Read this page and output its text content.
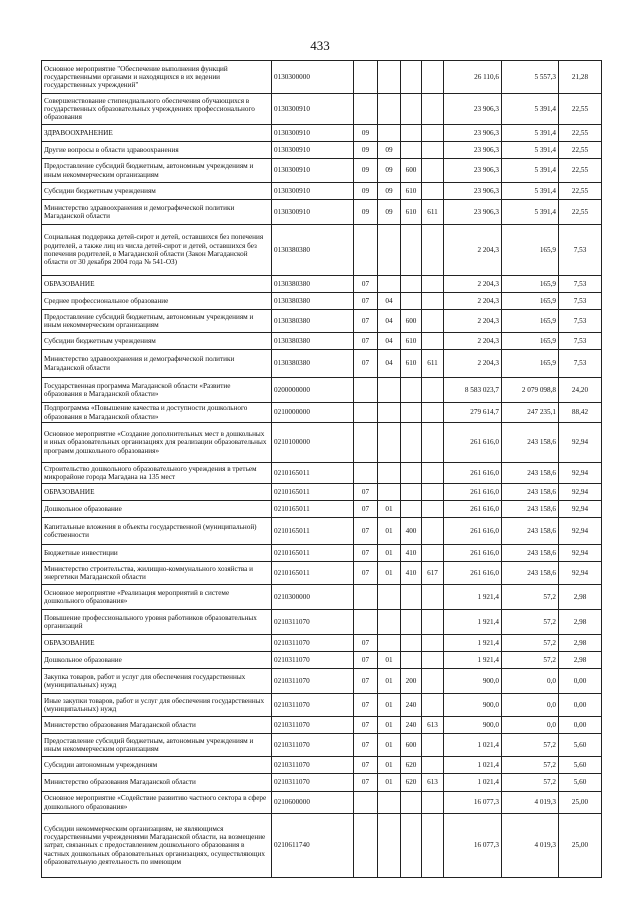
433
Основное мероприятие "Обеспечение выполнения функций государственными органами и находящихся в их ведении государственных учреждений"	0130300000					26 110,6	5 557,3	21,28
Совершенствование стипендиального обеспечения обучающихся в государственных образовательных учреждениях профессионального образования	0130300910					23 906,3	5 391,4	22,55
ЗДРАВООХРАНЕНИЕ	0130300910	09				23 906,3	5 391,4	22,55
Другие вопросы в области здравоохранения	0130300910	09	09			23 906,3	5 391,4	22,55
Предоставление субсидий бюджетным, автономным учреждениям и иным некоммерческим организациям	0130300910	09	09	600		23 906,3	5 391,4	22,55
Субсидии бюджетным учреждениям	0130300910	09	09	610		23 906,3	5 391,4	22,55
Министерство здравоохранения и демографической политики Магаданской области	0130300910	09	09	610	611	23 906,3	5 391,4	22,55
Социальная поддержка детей-сирот и детей, оставшихся без попечения родителей, а также лиц из числа детей-сирот и детей, оставшихся без попечения родителей, в Магаданской области (Закон Магаданской области от 30 декабря 2004 года № 541-ОЗ)	0130380380					2 204,3	165,9	7,53
ОБРАЗОВАНИЕ	0130380380	07				2 204,3	165,9	7,53
Среднее профессиональное образование	0130380380	07	04			2 204,3	165,9	7,53
Предоставление субсидий бюджетным, автономным учреждениям и иным некоммерческим организациям	0130380380	07	04	600		2 204,3	165,9	7,53
Субсидии бюджетным учреждениям	0130380380	07	04	610		2 204,3	165,9	7,53
Министерство здравоохранения и демографической политики Магаданской области	0130380380	07	04	610	611	2 204,3	165,9	7,53
Государственная программа Магаданской области «Развитие образования в Магаданской области»	0200000000					8 583 023,7	2 079 098,8	24,20
Подпрограмма «Повышение качества и доступности дошкольного образования в Магаданской области»	0210000000					279 614,7	247 235,1	88,42
Основное мероприятие «Создание дополнительных мест в дошкольных и иных образовательных организациях для реализации образовательных программ дошкольного образования»	0210100000					261 616,0	243 158,6	92,94
Строительство дошкольного образовательного учреждения в третьем микрорайоне города Магадана на 135 мест	0210165011					261 616,0	243 158,6	92,94
ОБРАЗОВАНИЕ	0210165011	07				261 616,0	243 158,6	92,94
Дошкольное образование	0210165011	07	01			261 616,0	243 158,6	92,94
Капитальные вложения в объекты государственной (муниципальной) собственности	0210165011	07	01	400		261 616,0	243 158,6	92,94
Бюджетные инвестиции	0210165011	07	01	410		261 616,0	243 158,6	92,94
Министерство строительства, жилищно-коммунального хозяйства и энергетики Магаданской области	0210165011	07	01	410	617	261 616,0	243 158,6	92,94
Основное мероприятие «Реализация мероприятий в системе дошкольного образования»	0210300000					1 921,4	57,2	2,98
Повышение профессионального уровня работников образовательных организаций	0210311070					1 921,4	57,2	2,98
ОБРАЗОВАНИЕ	0210311070	07				1 921,4	57,2	2,98
Дошкольное образование	0210311070	07	01			1 921,4	57,2	2,98
Закупка товаров, работ и услуг для обеспечения государственных (муниципальных) нужд	0210311070	07	01	200		900,0	0,0	0,00
Иные закупки товаров, работ и услуг для обеспечения государственных (муниципальных) нужд	0210311070	07	01	240		900,0	0,0	0,00
Министерство образования Магаданской области	0210311070	07	01	240	613	900,0	0,0	0,00
Предоставление субсидий бюджетным, автономным учреждениям и иным некоммерческим организациям	0210311070	07	01	600		1 021,4	57,2	5,60
Субсидии автономным учреждениям	0210311070	07	01	620		1 021,4	57,2	5,60
Министерство образования Магаданской области	0210311070	07	01	620	613	1 021,4	57,2	5,60
Основное мероприятие «Содействие развитию частного сектора в сфере дошкольного образования»	0210600000					16 077,3	4 019,3	25,00
Субсидии некоммерческим организациям, не являющимся государственными учреждениями Магаданской области, на возмещение затрат, связанных с предоставлением дошкольного образования в частных дошкольных образовательных организациях, осуществляющих образовательную деятельность по имеющим	0210611740					16 077,3	4 019,3	25,00
